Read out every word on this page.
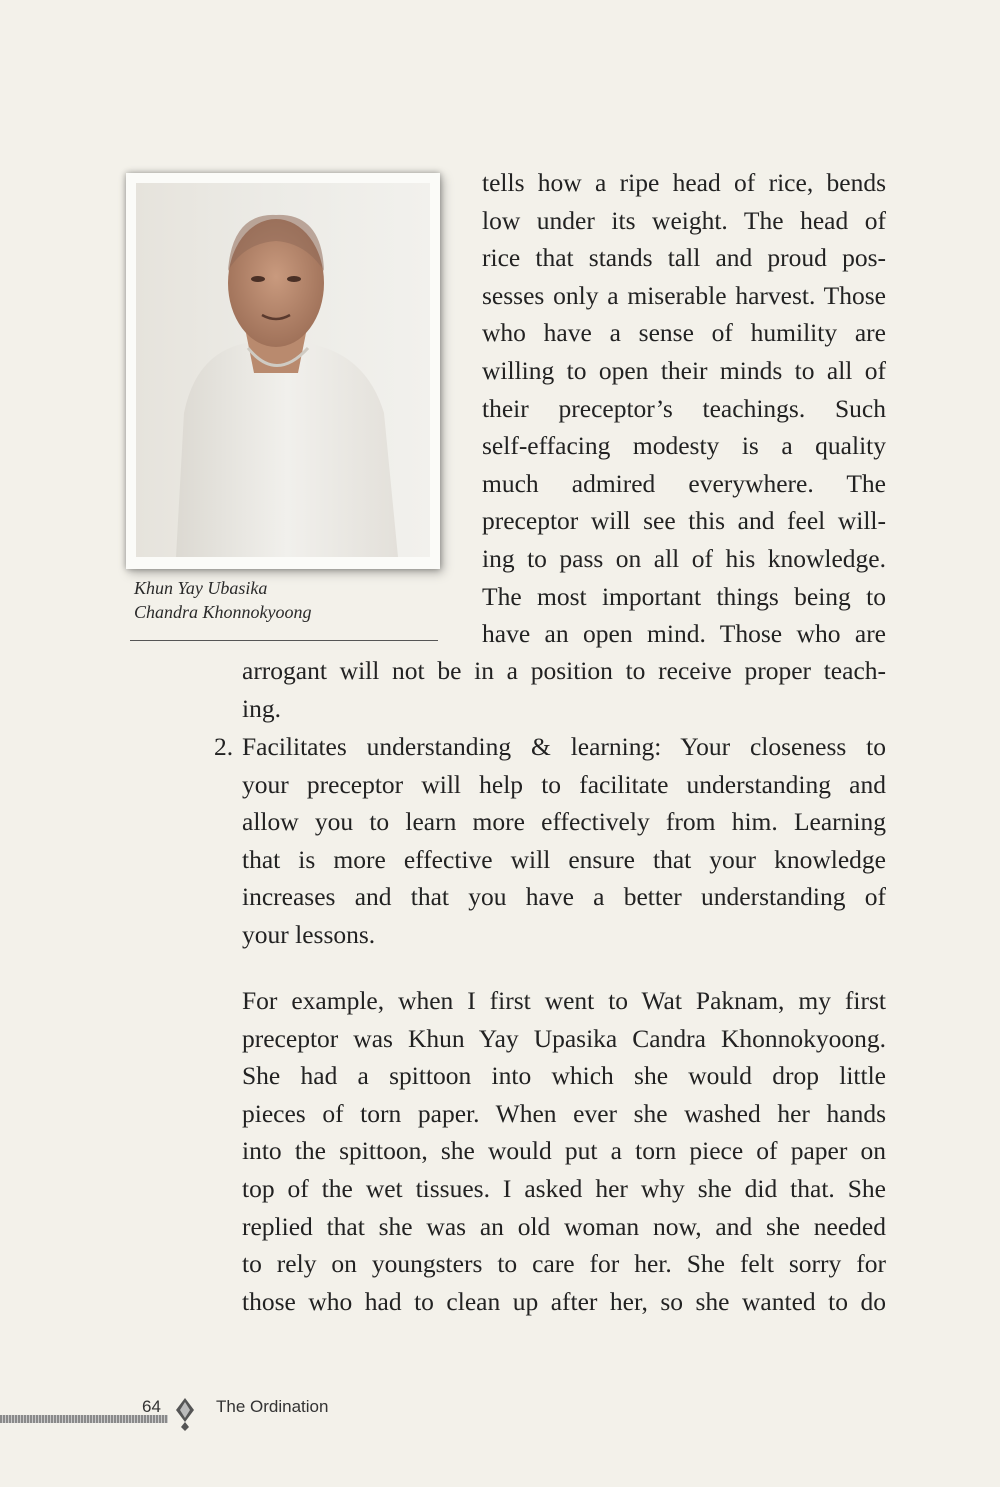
Khun Yay Ubasika
Chandra Khonnokyoong

tells how a ripe head of rice, bends
low under its weight. The head of
rice that stands tall and proud pos-
sesses only a miserable harvest. Those
who have a sense of humility are
willing to open their minds to all of
their preceptor’s teachings. Such
self-effacing modesty is a quality
much admired everywhere. The
preceptor will see this and feel will-
ing to pass on all of his knowledge.
The most important things being to
have an open mind. Those who are

arrogant will not be in a position to receive proper teach-
ing.

2. Facilitates understanding & learning: Your closeness to
your preceptor will help to facilitate understanding and
allow you to learn more effectively from him. Learning
that is more effective will ensure that your knowledge
increases and that you have a better understanding of
your lessons.

For example, when I first went to Wat Paknam, my first
preceptor was Khun Yay Upasika Candra Khonnokyoong.
She had a spittoon into which she would drop little
pieces of torn paper. When ever she washed her hands
into the spittoon, she would put a torn piece of paper on
top of the wet tissues. I asked her why she did that. She
replied that she was an old woman now, and she needed
to rely on youngsters to care for her. She felt sorry for
those who had to clean up after her, so she wanted to do

64	The Ordination
